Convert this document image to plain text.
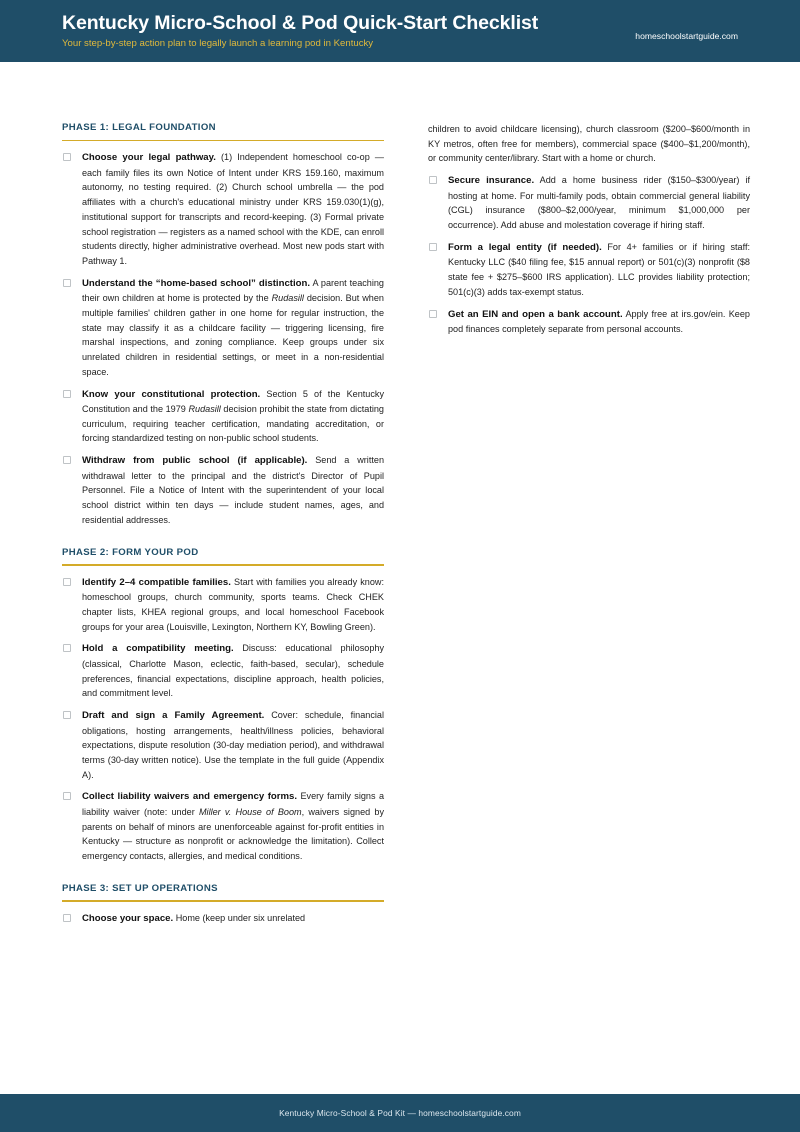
Kentucky Micro-School & Pod Quick-Start Checklist
Your step-by-step action plan to legally launch a learning pod in Kentucky
homeschoolstartguide.com
PHASE 1: LEGAL FOUNDATION
Choose your legal pathway. (1) Independent homeschool co-op — each family files its own Notice of Intent under KRS 159.160, maximum autonomy, no testing required. (2) Church school umbrella — the pod affiliates with a church's educational ministry under KRS 159.030(1)(g), institutional support for transcripts and record-keeping. (3) Formal private school registration — registers as a named school with the KDE, can enroll students directly, higher administrative overhead. Most new pods start with Pathway 1.
Understand the “home-based school” distinction. A parent teaching their own children at home is protected by the Rudasill decision. But when multiple families' children gather in one home for regular instruction, the state may classify it as a childcare facility — triggering licensing, fire marshal inspections, and zoning compliance. Keep groups under six unrelated children in residential settings, or meet in a non-residential space.
Know your constitutional protection. Section 5 of the Kentucky Constitution and the 1979 Rudasill decision prohibit the state from dictating curriculum, requiring teacher certification, mandating accreditation, or forcing standardized testing on non-public school students.
Withdraw from public school (if applicable). Send a written withdrawal letter to the principal and the district's Director of Pupil Personnel. File a Notice of Intent with the superintendent of your local school district within ten days — include student names, ages, and residential addresses.
PHASE 2: FORM YOUR POD
Identify 2–4 compatible families. Start with families you already know: homeschool groups, church community, sports teams. Check CHEK chapter lists, KHEA regional groups, and local homeschool Facebook groups for your area (Louisville, Lexington, Northern KY, Bowling Green).
Hold a compatibility meeting. Discuss: educational philosophy (classical, Charlotte Mason, eclectic, faith-based, secular), schedule preferences, financial expectations, discipline approach, health policies, and commitment level.
Draft and sign a Family Agreement. Cover: schedule, financial obligations, hosting arrangements, health/illness policies, behavioral expectations, dispute resolution (30-day mediation period), and withdrawal terms (30-day written notice). Use the template in the full guide (Appendix A).
Collect liability waivers and emergency forms. Every family signs a liability waiver (note: under Miller v. House of Boom, waivers signed by parents on behalf of minors are unenforceable against for-profit entities in Kentucky — structure as nonprofit or acknowledge the limitation). Collect emergency contacts, allergies, and medical conditions.
PHASE 3: SET UP OPERATIONS
Choose your space. Home (keep under six unrelated
children to avoid childcare licensing), church classroom ($200–$600/month in KY metros, often free for members), commercial space ($400–$1,200/month), or community center/library. Start with a home or church.
Secure insurance. Add a home business rider ($150–$300/year) if hosting at home. For multi-family pods, obtain commercial general liability (CGL) insurance ($800–$2,000/year, minimum $1,000,000 per occurrence). Add abuse and molestation coverage if hiring staff.
Form a legal entity (if needed). For 4+ families or if hiring staff: Kentucky LLC ($40 filing fee, $15 annual report) or 501(c)(3) nonprofit ($8 state fee + $275–$600 IRS application). LLC provides liability protection; 501(c)(3) adds tax-exempt status.
Get an EIN and open a bank account. Apply free at irs.gov/ein. Keep pod finances completely separate from personal accounts.
Kentucky Micro-School & Pod Kit — homeschoolstartguide.com
